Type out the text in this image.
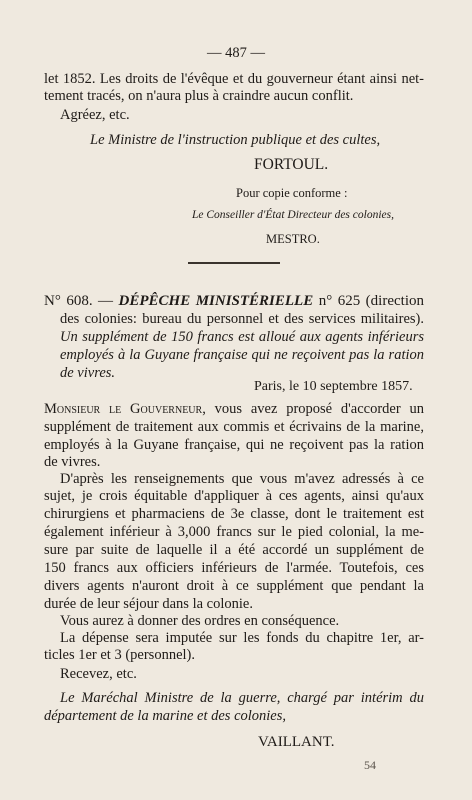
— 487 —
let 1852. Les droits de l'évêque et du gouverneur étant ainsi net-
tement tracés, on n'aura plus à craindre aucun conflit.
Agréez, etc.
Le Ministre de l'instruction publique et des cultes,
FORTOUL.
Pour copie conforme :
Le Conseiller d'État Directeur des colonies,
MESTRO.
N° 608. — DÉPÊCHE MINISTÉRIELLE n° 625 (direction
des colonies: bureau du personnel et des services militaires).
Un supplément de 150 francs est alloué aux agents inférieurs
employés à la Guyane française qui ne reçoivent pas la ration
de vivres.
Paris, le 10 septembre 1857.
Monsieur le Gouverneur, vous avez proposé d'accorder un
supplément de traitement aux commis et écrivains de la marine,
employés à la Guyane française, qui ne reçoivent pas la ration
de vivres.
D'après les renseignements que vous m'avez adressés à ce
sujet, je crois équitable d'appliquer à ces agents, ainsi qu'aux
chirurgiens et pharmaciens de 3e classe, dont le traitement est
également inférieur à 3,000 francs sur le pied colonial, la me-
sure par suite de laquelle il a été accordé un supplément de
150 francs aux officiers inférieurs de l'armée. Toutefois, ces
divers agents n'auront droit à ce supplément que pendant la
durée de leur séjour dans la colonie.
Vous aurez à donner des ordres en conséquence.
La dépense sera imputée sur les fonds du chapitre 1er, ar-
ticles 1er et 3 (personnel).
Recevez, etc.
Le Maréchal Ministre de la guerre, chargé par intérim du
département de la marine et des colonies,
VAILLANT.
54
